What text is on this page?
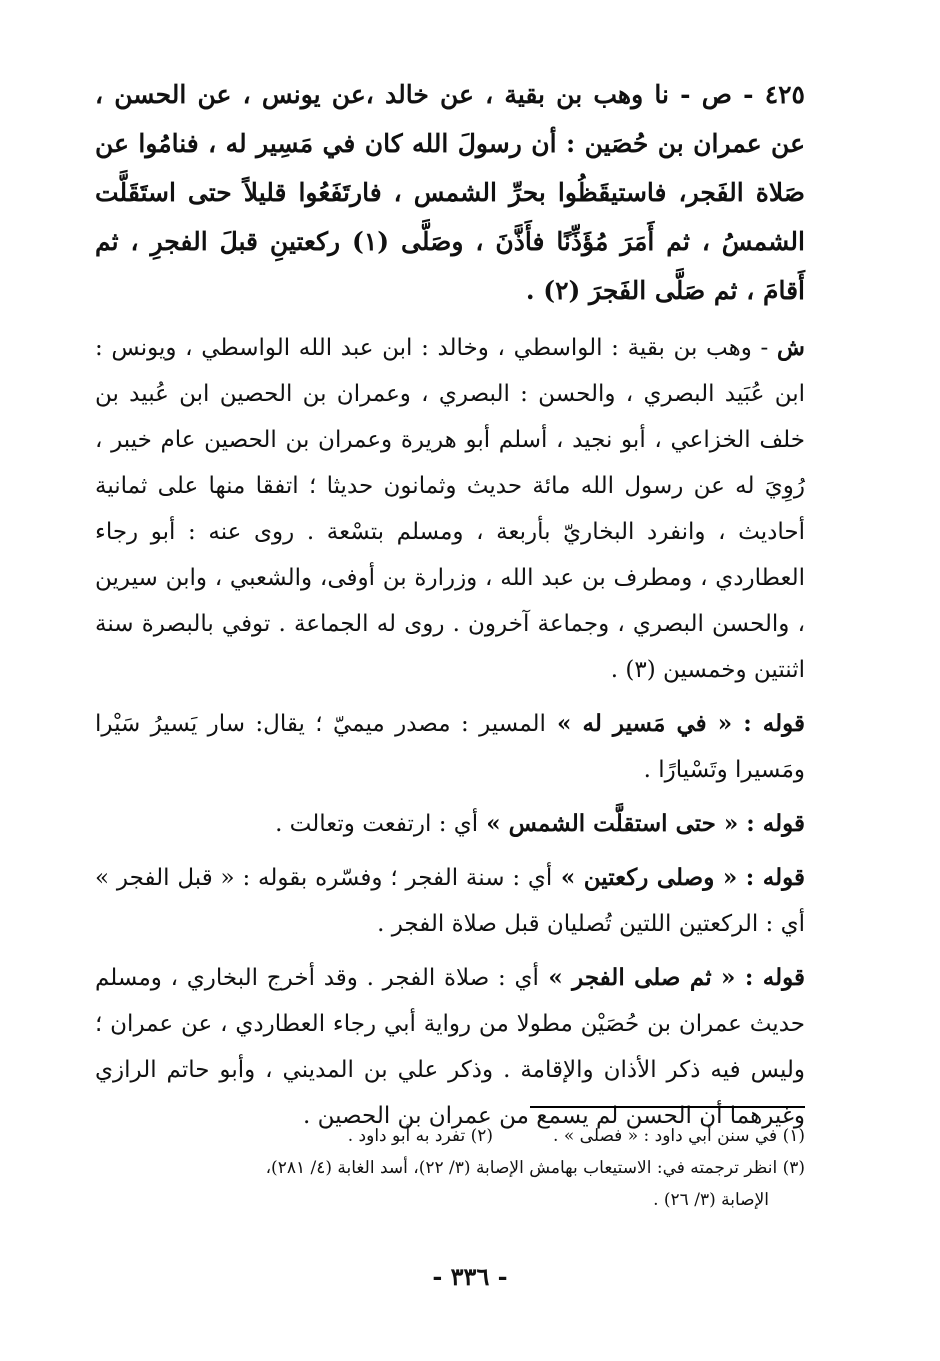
٤٢٥ - ص - نا وهب بن بقية ، عن خالد ،عن يونس ، عن الحسن ، عن عمران بن حُصَين : أن رسولَ الله كان في مَسِير له ، فنامُوا عن صَلاة الفَجر، فاستيقَظُوا بحرِّ الشمس ، فارتَفَعُوا قليلاً حتى استَقَلَّت الشمسُ ، ثم أَمَرَ مُؤَذِّنًا فأَذَّنَ ، وصَلَّى (١) ركعتينِ قبلَ الفجرِ ، ثم أَقامَ ، ثم صَلَّى الفَجرَ (٢) .

ش - وهب بن بقية : الواسطي ، وخالد : ابن عبد الله الواسطي ، ويونس : ابن عُبَيد البصري ، والحسن : البصري ، وعمران بن الحصين ابن عُبيد بن خلف الخزاعي ، أبو نجيد ، أسلم أبو هريرة وعمران بن الحصين عام خيبر ، رُوِيَ له عن رسول الله مائة حديث وثمانون حديثا ؛ اتفقا منها على ثمانية أحاديث ، وانفرد البخاريّ بأربعة ، ومسلم بتسْعة . روى عنه : أبو رجاء العطاردي ، ومطرف بن عبد الله ، وزرارة بن أوفى، والشعبي ، وابن سيرين ، والحسن البصري ، وجماعة آخرون . روى له الجماعة . توفي بالبصرة سنة اثنتين وخمسين (٣) .

قوله : « في مَسير له » المسير : مصدر ميميّ ؛ يقال: سار يَسيرُ سَيْرا ومَسيرا وتَسْيارًا .

قوله : « حتى استقلَّت الشمس » أي : ارتفعت وتعالت .

قوله : « وصلى ركعتين » أي : سنة الفجر ؛ وفسّره بقوله : « قبل الفجر » أي : الركعتين اللتين تُصليان قبل صلاة الفجر .

قوله : « ثم صلى الفجر » أي : صلاة الفجر . وقد أخرج البخاري ، ومسلم حديث عمران بن حُصَيْن مطولا من رواية أبي رجاء العطاردي ، عن عمران ؛ وليس فيه ذكر الأذان والإقامة . وذكر علي بن المديني ، وأبو حاتم الرازي وغيرهما أن الحسن لم يسمع من عمران بن الحصين .

(١) في سنن أبي داود : « فصلى » .
(٢) تفرد به أبو داود .
(٣) انظر ترجمته في: الاستيعاب بهامش الإصابة (٣/ ٢٢)، أسد الغابة (٤/ ٢٨١)،
الإصابة (٣/ ٢٦) .
- ٣٣٦ -
